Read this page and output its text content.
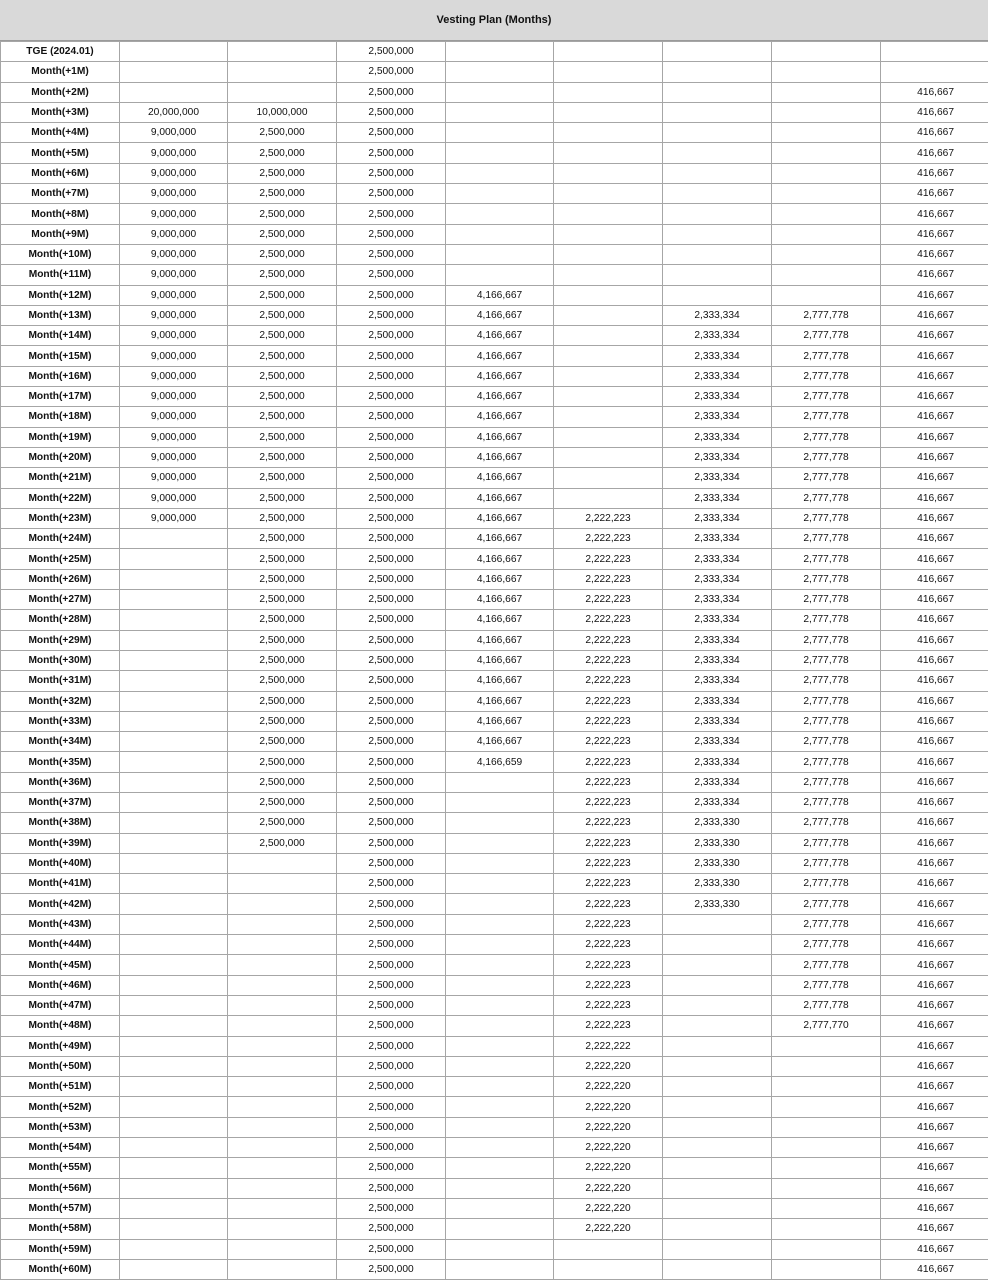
Vesting Plan (Months)
TGE (2024.01)			2,500,000					
Month(+1M)			2,500,000					
Month(+2M)			2,500,000					416,667
Month(+3M)	20,000,000	10,000,000	2,500,000					416,667
Month(+4M)	9,000,000	2,500,000	2,500,000					416,667
Month(+5M)	9,000,000	2,500,000	2,500,000					416,667
Month(+6M)	9,000,000	2,500,000	2,500,000					416,667
Month(+7M)	9,000,000	2,500,000	2,500,000					416,667
Month(+8M)	9,000,000	2,500,000	2,500,000					416,667
Month(+9M)	9,000,000	2,500,000	2,500,000					416,667
Month(+10M)	9,000,000	2,500,000	2,500,000					416,667
Month(+11M)	9,000,000	2,500,000	2,500,000					416,667
Month(+12M)	9,000,000	2,500,000	2,500,000	4,166,667				416,667
Month(+13M)	9,000,000	2,500,000	2,500,000	4,166,667		2,333,334	2,777,778	416,667
Month(+14M)	9,000,000	2,500,000	2,500,000	4,166,667		2,333,334	2,777,778	416,667
Month(+15M)	9,000,000	2,500,000	2,500,000	4,166,667		2,333,334	2,777,778	416,667
Month(+16M)	9,000,000	2,500,000	2,500,000	4,166,667		2,333,334	2,777,778	416,667
Month(+17M)	9,000,000	2,500,000	2,500,000	4,166,667		2,333,334	2,777,778	416,667
Month(+18M)	9,000,000	2,500,000	2,500,000	4,166,667		2,333,334	2,777,778	416,667
Month(+19M)	9,000,000	2,500,000	2,500,000	4,166,667		2,333,334	2,777,778	416,667
Month(+20M)	9,000,000	2,500,000	2,500,000	4,166,667		2,333,334	2,777,778	416,667
Month(+21M)	9,000,000	2,500,000	2,500,000	4,166,667		2,333,334	2,777,778	416,667
Month(+22M)	9,000,000	2,500,000	2,500,000	4,166,667		2,333,334	2,777,778	416,667
Month(+23M)	9,000,000	2,500,000	2,500,000	4,166,667	2,222,223	2,333,334	2,777,778	416,667
Month(+24M)		2,500,000	2,500,000	4,166,667	2,222,223	2,333,334	2,777,778	416,667
Month(+25M)		2,500,000	2,500,000	4,166,667	2,222,223	2,333,334	2,777,778	416,667
Month(+26M)		2,500,000	2,500,000	4,166,667	2,222,223	2,333,334	2,777,778	416,667
Month(+27M)		2,500,000	2,500,000	4,166,667	2,222,223	2,333,334	2,777,778	416,667
Month(+28M)		2,500,000	2,500,000	4,166,667	2,222,223	2,333,334	2,777,778	416,667
Month(+29M)		2,500,000	2,500,000	4,166,667	2,222,223	2,333,334	2,777,778	416,667
Month(+30M)		2,500,000	2,500,000	4,166,667	2,222,223	2,333,334	2,777,778	416,667
Month(+31M)		2,500,000	2,500,000	4,166,667	2,222,223	2,333,334	2,777,778	416,667
Month(+32M)		2,500,000	2,500,000	4,166,667	2,222,223	2,333,334	2,777,778	416,667
Month(+33M)		2,500,000	2,500,000	4,166,667	2,222,223	2,333,334	2,777,778	416,667
Month(+34M)		2,500,000	2,500,000	4,166,667	2,222,223	2,333,334	2,777,778	416,667
Month(+35M)		2,500,000	2,500,000	4,166,659	2,222,223	2,333,334	2,777,778	416,667
Month(+36M)		2,500,000	2,500,000		2,222,223	2,333,334	2,777,778	416,667
Month(+37M)		2,500,000	2,500,000		2,222,223	2,333,334	2,777,778	416,667
Month(+38M)		2,500,000	2,500,000		2,222,223	2,333,330	2,777,778	416,667
Month(+39M)		2,500,000	2,500,000		2,222,223	2,333,330	2,777,778	416,667
Month(+40M)			2,500,000		2,222,223	2,333,330	2,777,778	416,667
Month(+41M)			2,500,000		2,222,223	2,333,330	2,777,778	416,667
Month(+42M)			2,500,000		2,222,223	2,333,330	2,777,778	416,667
Month(+43M)			2,500,000		2,222,223		2,777,778	416,667
Month(+44M)			2,500,000		2,222,223		2,777,778	416,667
Month(+45M)			2,500,000		2,222,223		2,777,778	416,667
Month(+46M)			2,500,000		2,222,223		2,777,778	416,667
Month(+47M)			2,500,000		2,222,223		2,777,778	416,667
Month(+48M)			2,500,000		2,222,223		2,777,770	416,667
Month(+49M)			2,500,000		2,222,222			416,667
Month(+50M)			2,500,000		2,222,220			416,667
Month(+51M)			2,500,000		2,222,220			416,667
Month(+52M)			2,500,000		2,222,220			416,667
Month(+53M)			2,500,000		2,222,220			416,667
Month(+54M)			2,500,000		2,222,220			416,667
Month(+55M)			2,500,000		2,222,220			416,667
Month(+56M)			2,500,000		2,222,220			416,667
Month(+57M)			2,500,000		2,222,220			416,667
Month(+58M)			2,500,000		2,222,220			416,667
Month(+59M)			2,500,000					416,667
Month(+60M)			2,500,000					416,667
